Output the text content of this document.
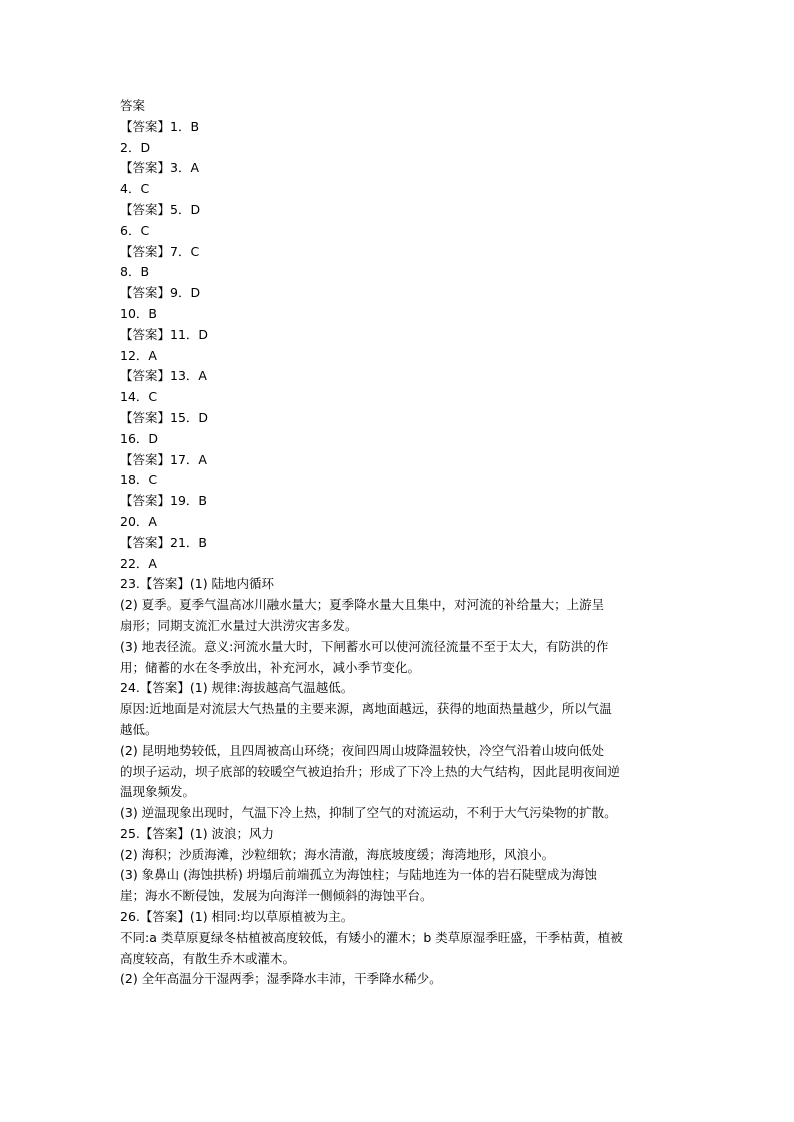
答案
【答案】1．B
2．D
【答案】3．A
4．C
【答案】5．D
6．C
【答案】7．C
8．B
【答案】9．D
10．B
【答案】11．D
12．A
【答案】13．A
14．C
【答案】15．D
16．D
【答案】17．A
18．C
【答案】19．B
20．A
【答案】21．B
22．A
23.【答案】(1) 陆地内循环
(2) 夏季。夏季气温高冰川融水量大；夏季降水量大且集中，对河流的补给量大；上游呈
扇形；同期支流汇水量过大洪涝灾害多发。
(3) 地表径流。意义:河流水量大时，下闸蓄水可以使河流径流量不至于太大，有防洪的作
用；储蓄的水在冬季放出，补充河水，减小季节变化。
24.【答案】(1) 规律:海拔越高气温越低。
原因:近地面是对流层大气热量的主要来源，离地面越远，获得的地面热量越少，所以气温
越低。
(2) 昆明地势较低，且四周被高山环绕；夜间四周山坡降温较快，冷空气沿着山坡向低处
的坝子运动，坝子底部的较暖空气被迫抬升；形成了下冷上热的大气结构，因此昆明夜间逆
温现象频发。
(3) 逆温现象出现时，气温下冷上热，抑制了空气的对流运动，不利于大气污染物的扩散。
25.【答案】(1) 波浪；风力
(2) 海积；沙质海滩，沙粒细软；海水清澈，海底坡度缓；海湾地形，风浪小。
(3) 象鼻山 (海蚀拱桥) 坍塌后前端孤立为海蚀柱；与陆地连为一体的岩石陡壁成为海蚀
崖；海水不断侵蚀，发展为向海洋一侧倾斜的海蚀平台。
26.【答案】(1) 相同:均以草原植被为主。
不同:a 类草原夏绿冬枯植被高度较低，有矮小的灌木；b 类草原湿季旺盛，干季枯黄，植被
高度较高，有散生乔木或灌木。
(2) 全年高温分干湿两季；湿季降水丰沛，干季降水稀少。
